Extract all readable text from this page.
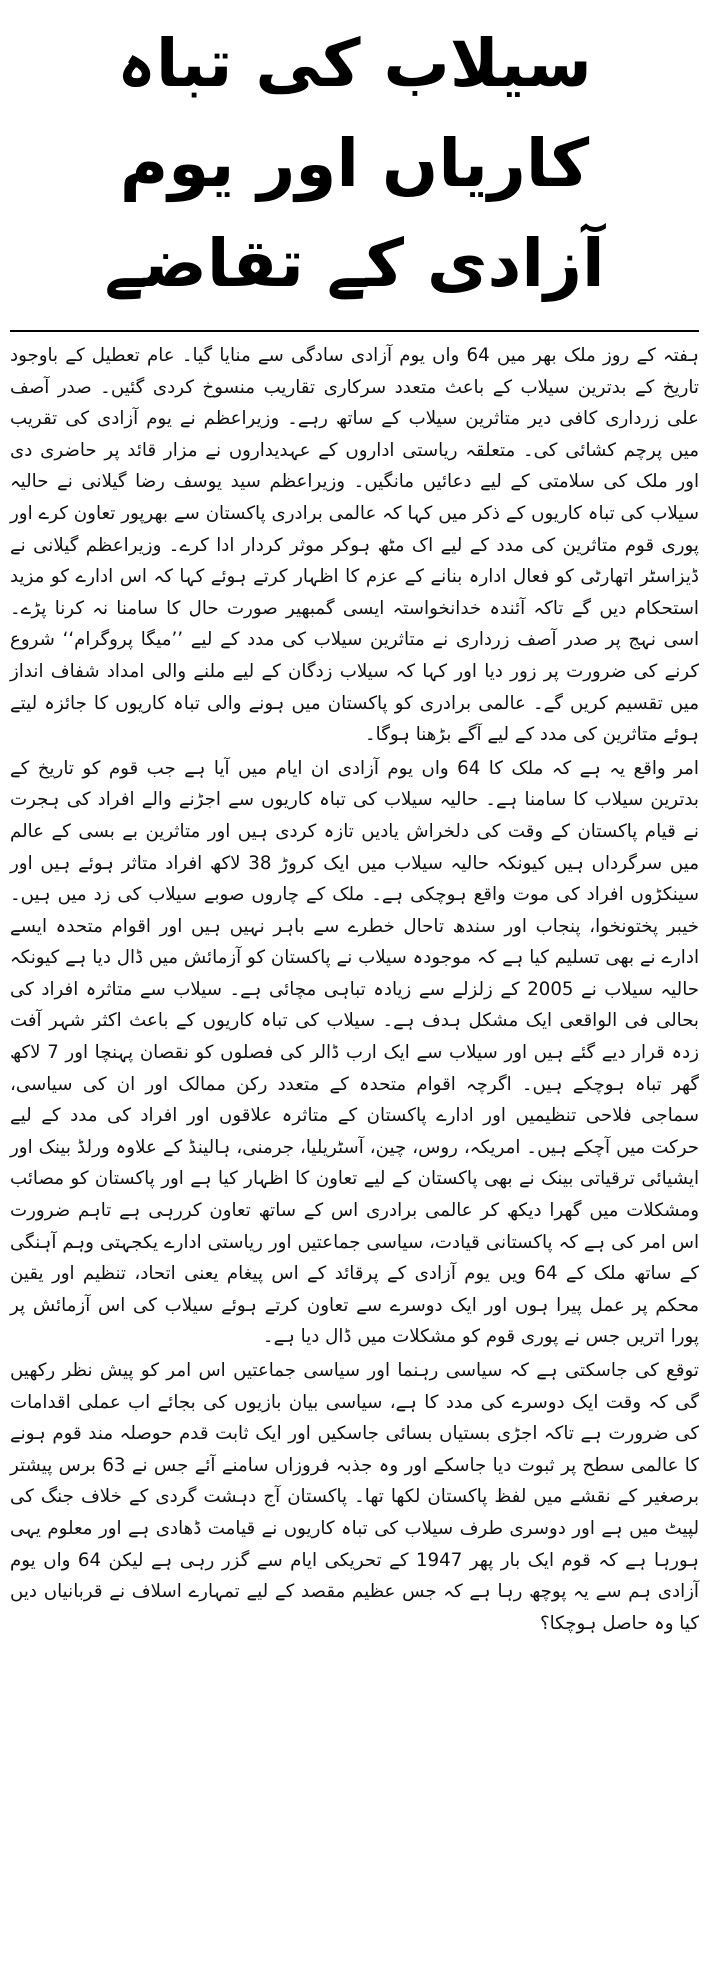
سیلاب کی تباہ کاریاں اور یوم
آزادی کے تقاضے

ہفتہ کے روز ملک بھر میں 64 واں یوم آزادی سادگی سے منایا گیا۔ عام تعطیل کے باوجود تاریخ کے بدترین سیلاب کے باعث متعدد سرکاری تقاریب منسوخ کردی گئیں۔ صدر آصف علی زرداری کافی دیر متاثرین سیلاب کے ساتھ رہے۔ وزیراعظم نے یوم آزادی کی تقریب میں پرچم کشائی کی۔ متعلقہ ریاستی اداروں کے عہدیداروں نے مزار قائد پر حاضری دی اور ملک کی سلامتی کے لیے دعائیں مانگیں۔ وزیراعظم سید یوسف رضا گیلانی نے حالیہ سیلاب کی تباہ کاریوں کے ذکر میں کہا کہ عالمی برادری پاکستان سے بھرپور تعاون کرے اور پوری قوم متاثرین کی مدد کے لیے اک مٹھ ہوکر موثر کردار ادا کرے۔ وزیراعظم گیلانی نے ڈیزاسٹر اتھارٹی کو فعال ادارہ بنانے کے عزم کا اظہار کرتے ہوئے کہا کہ اس ادارے کو مزید استحکام دیں گے تاکہ آئندہ خدانخواستہ ایسی گمبھیر صورت حال کا سامنا نہ کرنا پڑے۔ اسی نہج پر صدر آصف زرداری نے متاثرین سیلاب کی مدد کے لیے ’’میگا پروگرام‘‘ شروع کرنے کی ضرورت پر زور دیا اور کہا کہ سیلاب زدگان کے لیے ملنے والی امداد شفاف انداز میں تقسیم کریں گے۔ عالمی برادری کو پاکستان میں ہونے والی تباہ کاریوں کا جائزہ لیتے ہوئے متاثرین کی مدد کے لیے آگے بڑھنا ہوگا۔

امر واقع یہ ہے کہ ملک کا 64 واں یوم آزادی ان ایام میں آیا ہے جب قوم کو تاریخ کے بدترین سیلاب کا سامنا ہے۔ حالیہ سیلاب کی تباہ کاریوں سے اجڑنے والے افراد کی ہجرت نے قیام پاکستان کے وقت کی دلخراش یادیں تازہ کردی ہیں اور متاثرین بے بسی کے عالم میں سرگرداں ہیں کیونکہ حالیہ سیلاب میں ایک کروڑ 38 لاکھ افراد متاثر ہوئے ہیں اور سینکڑوں افراد کی موت واقع ہوچکی ہے۔ ملک کے چاروں صوبے سیلاب کی زد میں ہیں۔ خیبر پختونخوا، پنجاب اور سندھ تاحال خطرے سے باہر نہیں ہیں اور اقوام متحدہ ایسے ادارے نے بھی تسلیم کیا ہے کہ موجودہ سیلاب نے پاکستان کو آزمائش میں ڈال دیا ہے کیونکہ حالیہ سیلاب نے 2005 کے زلزلے سے زیادہ تباہی مچائی ہے۔ سیلاب سے متاثرہ افراد کی بحالی فی الواقعی ایک مشکل ہدف ہے۔ سیلاب کی تباہ کاریوں کے باعث اکثر شہر آفت زدہ قرار دیے گئے ہیں اور سیلاب سے ایک ارب ڈالر کی فصلوں کو نقصان پہنچا اور 7 لاکھ گھر تباہ ہوچکے ہیں۔ اگرچہ اقوام متحدہ کے متعدد رکن ممالک اور ان کی سیاسی، سماجی فلاحی تنظیمیں اور ادارے پاکستان کے متاثرہ علاقوں اور افراد کی مدد کے لیے حرکت میں آچکے ہیں۔ امریکہ، روس، چین، آسٹریلیا، جرمنی، ہالینڈ کے علاوہ ورلڈ بینک اور ایشیائی ترقیاتی بینک نے بھی پاکستان کے لیے تعاون کا اظہار کیا ہے اور پاکستان کو مصائب ومشکلات میں گھرا دیکھ کر عالمی برادری اس کے ساتھ تعاون کررہی ہے تاہم ضرورت اس امر کی ہے کہ پاکستانی قیادت، سیاسی جماعتیں اور ریاستی ادارے یکجہتی وہم آہنگی کے ساتھ ملک کے 64 ویں یوم آزادی کے پرقائد کے اس پیغام یعنی اتحاد، تنظیم اور یقین محکم پر عمل پیرا ہوں اور ایک دوسرے سے تعاون کرتے ہوئے سیلاب کی اس آزمائش پر پورا اتریں جس نے پوری قوم کو مشکلات میں ڈال دیا ہے۔

توقع کی جاسکتی ہے کہ سیاسی رہنما اور سیاسی جماعتیں اس امر کو پیش نظر رکھیں گی کہ وقت ایک دوسرے کی مدد کا ہے، سیاسی بیان بازیوں کی بجائے اب عملی اقدامات کی ضرورت ہے تاکہ اجڑی بستیاں بسائی جاسکیں اور ایک ثابت قدم حوصلہ مند قوم ہونے کا عالمی سطح پر ثبوت دیا جاسکے اور وہ جذبہ فروزاں سامنے آئے جس نے 63 برس پیشتر برصغیر کے نقشے میں لفظ پاکستان لکھا تھا۔ پاکستان آج دہشت گردی کے خلاف جنگ کی لپیٹ میں ہے اور دوسری طرف سیلاب کی تباہ کاریوں نے قیامت ڈھادی ہے اور معلوم یہی ہورہا ہے کہ قوم ایک بار پھر 1947 کے تحریکی ایام سے گزر رہی ہے لیکن 64 واں یوم آزادی ہم سے یہ پوچھ رہا ہے کہ جس عظیم مقصد کے لیے تمہارے اسلاف نے قربانیاں دیں کیا وہ حاصل ہوچکا؟
